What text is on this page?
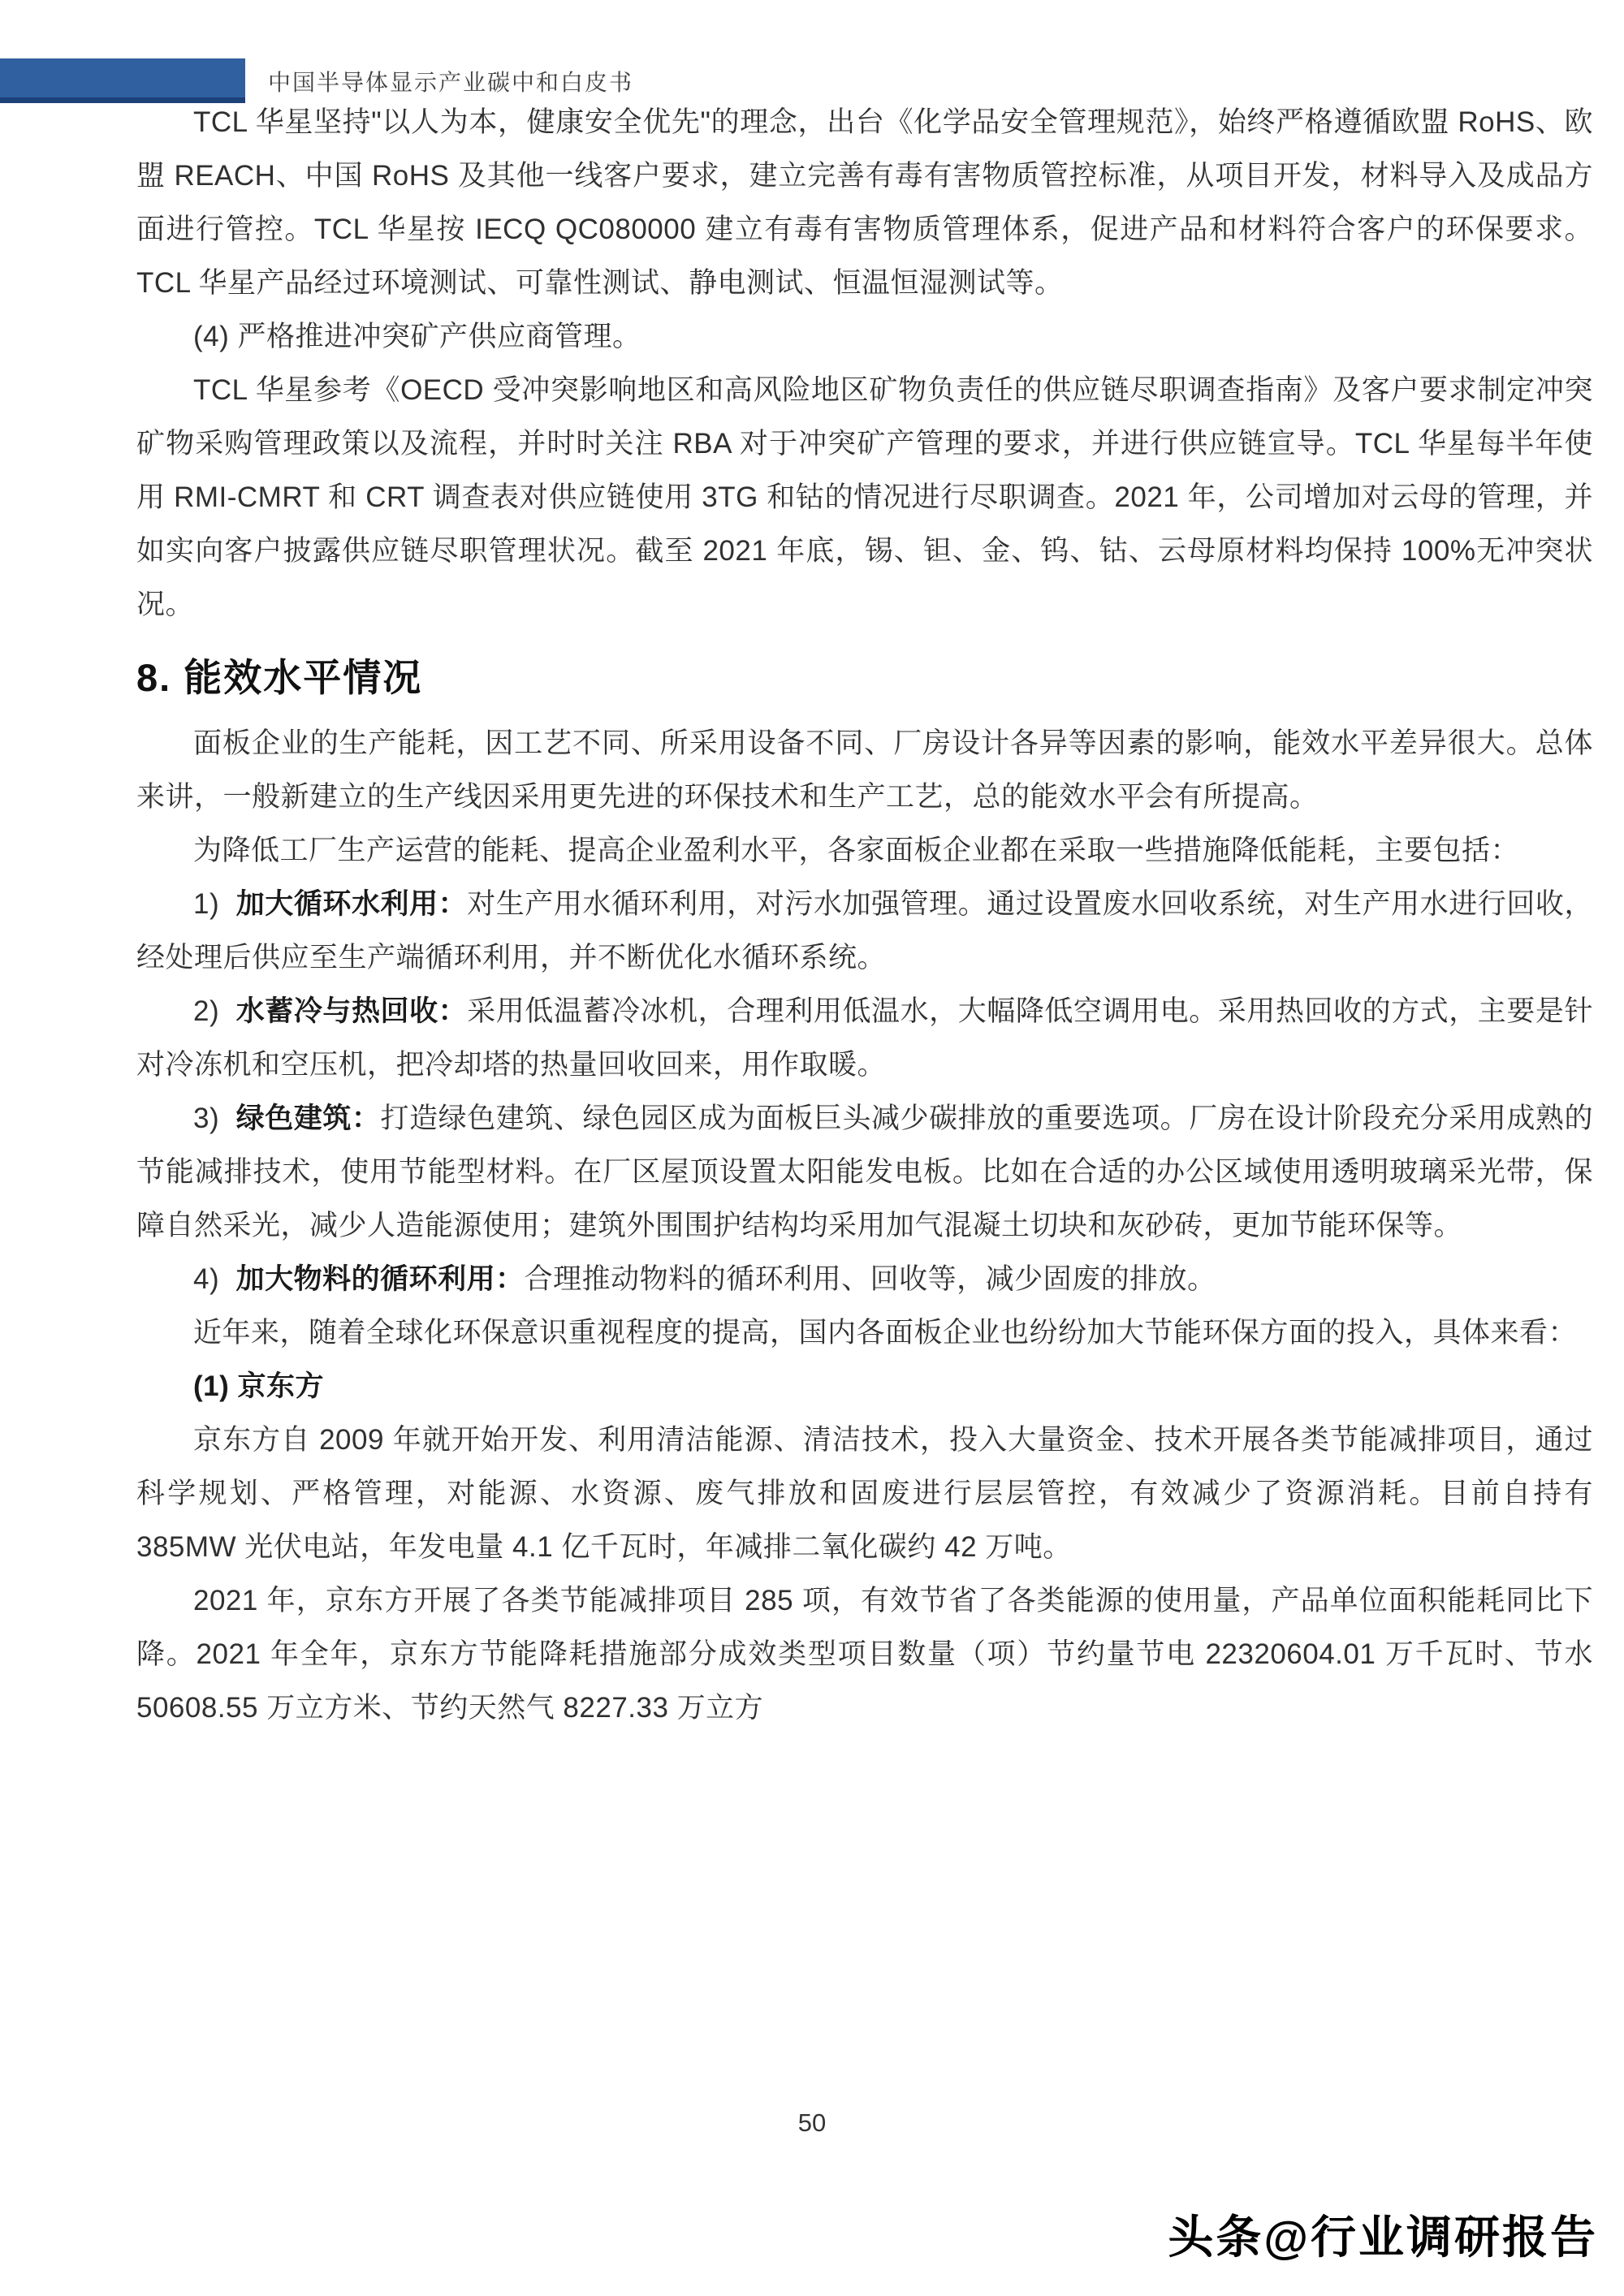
中国半导体显示产业碳中和白皮书

TCL 华星坚持"以人为本，健康安全优先"的理念，出台《化学品安全管理规范》，始终严格遵循欧盟 RoHS、欧盟 REACH、中国 RoHS 及其他一线客户要求，建立完善有毒有害物质管控标准，从项目开发，材料导入及成品方面进行管控。TCL 华星按 IECQ QC080000 建立有毒有害物质管理体系，促进产品和材料符合客户的环保要求。TCL 华星产品经过环境测试、可靠性测试、静电测试、恒温恒湿测试等。

(4) 严格推进冲突矿产供应商管理。

TCL 华星参考《OECD 受冲突影响地区和高风险地区矿物负责任的供应链尽职调查指南》及客户要求制定冲突矿物采购管理政策以及流程，并时时关注 RBA 对于冲突矿产管理的要求，并进行供应链宣导。TCL 华星每半年使用 RMI-CMRT 和 CRT 调查表对供应链使用 3TG 和钴的情况进行尽职调查。2021 年，公司增加对云母的管理，并如实向客户披露供应链尽职管理状况。截至 2021 年底，锡、钽、金、钨、钴、云母原材料均保持 100%无冲突状况。

8. 能效水平情况

面板企业的生产能耗，因工艺不同、所采用设备不同、厂房设计各异等因素的影响，能效水平差异很大。总体来讲，一般新建立的生产线因采用更先进的环保技术和生产工艺，总的能效水平会有所提高。

为降低工厂生产运营的能耗、提高企业盈利水平，各家面板企业都在采取一些措施降低能耗，主要包括：

1)  加大循环水利用：对生产用水循环利用，对污水加强管理。通过设置废水回收系统，对生产用水进行回收，经处理后供应至生产端循环利用，并不断优化水循环系统。

2)  水蓄冷与热回收：采用低温蓄冷冰机，合理利用低温水，大幅降低空调用电。采用热回收的方式，主要是针对冷冻机和空压机，把冷却塔的热量回收回来，用作取暖。

3)  绿色建筑：打造绿色建筑、绿色园区成为面板巨头减少碳排放的重要选项。厂房在设计阶段充分采用成熟的节能减排技术，使用节能型材料。在厂区屋顶设置太阳能发电板。比如在合适的办公区域使用透明玻璃采光带，保障自然采光，减少人造能源使用；建筑外围围护结构均采用加气混凝土切块和灰砂砖，更加节能环保等。

4)  加大物料的循环利用：合理推动物料的循环利用、回收等，减少固废的排放。

近年来，随着全球化环保意识重视程度的提高，国内各面板企业也纷纷加大节能环保方面的投入，具体来看：

(1) 京东方

京东方自 2009 年就开始开发、利用清洁能源、清洁技术，投入大量资金、技术开展各类节能减排项目，通过科学规划、严格管理，对能源、水资源、废气排放和固废进行层层管控，有效减少了资源消耗。目前自持有 385MW 光伏电站，年发电量 4.1 亿千瓦时，年减排二氧化碳约 42 万吨。

2021 年，京东方开展了各类节能减排项目 285 项，有效节省了各类能源的使用量，产品单位面积能耗同比下降。2021 年全年，京东方节能降耗措施部分成效类型项目数量（项）节约量节电 22320604.01 万千瓦时、节水 50608.55 万立方米、节约天然气 8227.33 万立方

50
头条@行业调研报告
